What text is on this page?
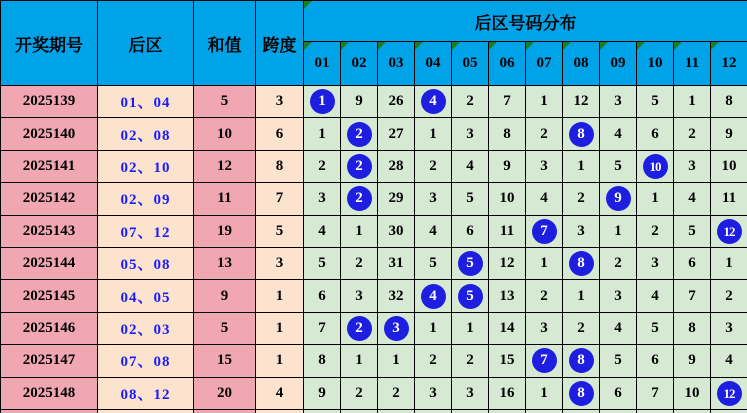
开奖期号	后区	和值	跨度	后区号码分布											

01	02	03	04	05	06	07	08	09	10	11	12
2025139	01、04	5	3	1	9	26	4	2	7	1	12	3	5	1	8
2025140	02、08	10	6	1	2	27	1	3	8	2	8	4	6	2	9
2025141	02、10	12	8	2	2	28	2	4	9	3	1	5	10	3	10
2025142	02、09	11	7	3	2	29	3	5	10	4	2	9	1	4	11
2025143	07、12	19	5	4	1	30	4	6	11	7	3	1	2	5	12
2025144	05、08	13	3	5	2	31	5	5	12	1	8	2	3	6	1
2025145	04、05	9	1	6	3	32	4	5	13	2	1	3	4	7	2
2025146	02、03	5	1	7	2	3	1	1	14	3	2	4	5	8	3
2025147	07、08	15	1	8	1	1	2	2	15	7	8	5	6	9	4
2025148	08、12	20	4	9	2	2	3	3	16	1	8	6	7	10	12
